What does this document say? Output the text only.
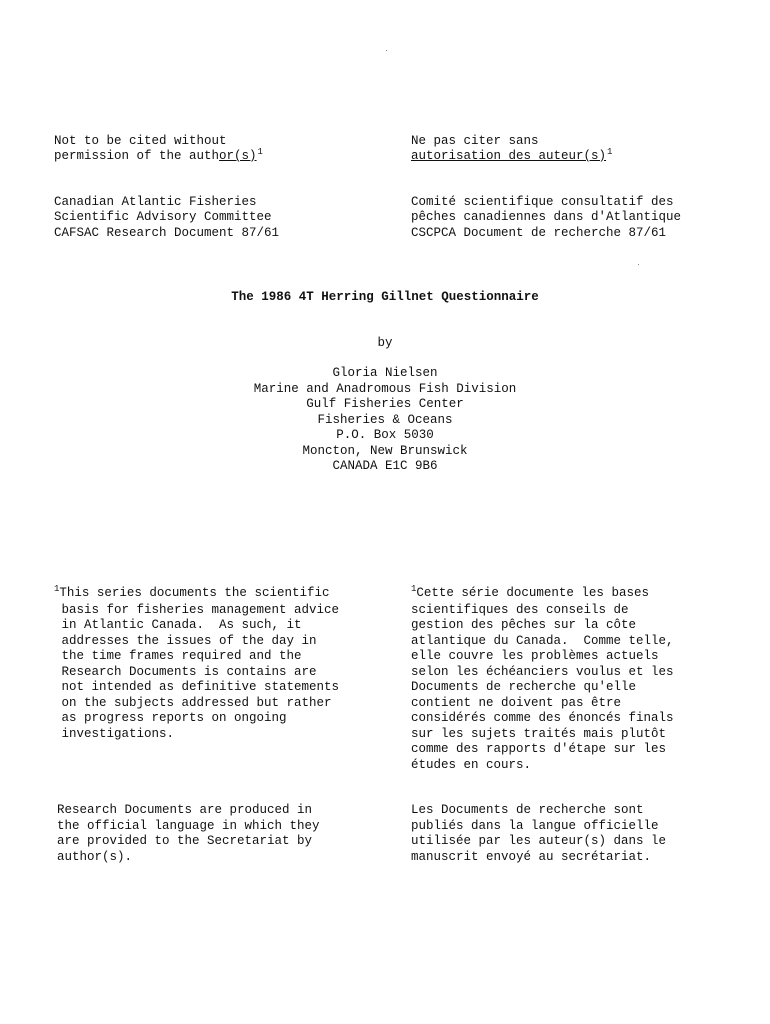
Not to be cited without
permission of the $author(s)^1$

Ne pas citer sans
autorisation des $auteur(s)^1$

Canadian Atlantic Fisheries
Scientific Advisory Committee

Comité scientifique consultatif des
pêches canadiennes dans d'Atlantique

CAFSAC Research Document 87/61	CSCPCA Document de recherche 87/61
The 1986 4T Herring Gillnet Questionnaire
by
Gloria Nielsen
Marine and Anadromous Fish Division
Gulf Fisheries Center
Fisheries & Oceans
P.O. Box 5030
Moncton, New Brunswick
CANADA E1C 9B6
$^1$This series documents the scientific
basis for fisheries management advice
in Atlantic Canada.  As such, it
addresses the issues of the day in
the time frames required and the
Research Documents is contains are
not intended as definitive statements
on the subjects addressed but rather
as progress reports on ongoing
investigations.
$^1$Cette série documente les bases
scientifiques des conseils de
gestion des pêches sur la côte
atlantique du Canada.  Comme telle,
elle couvre les problèmes actuels
selon les échéanciers voulus et les
Documents de recherche qu'elle
contient ne doivent pas être
considérés comme des énoncés finals
sur les sujets traités mais plutôt
comme des rapports d'étape sur les
études en cours.
Research Documents are produced in
the official language in which they
are provided to the Secretariat by
author(s).
Les Documents de recherche sont
publiés dans la langue officielle
utilisée par les auteur(s) dans le
manuscrit envoyé au secrétariat.
